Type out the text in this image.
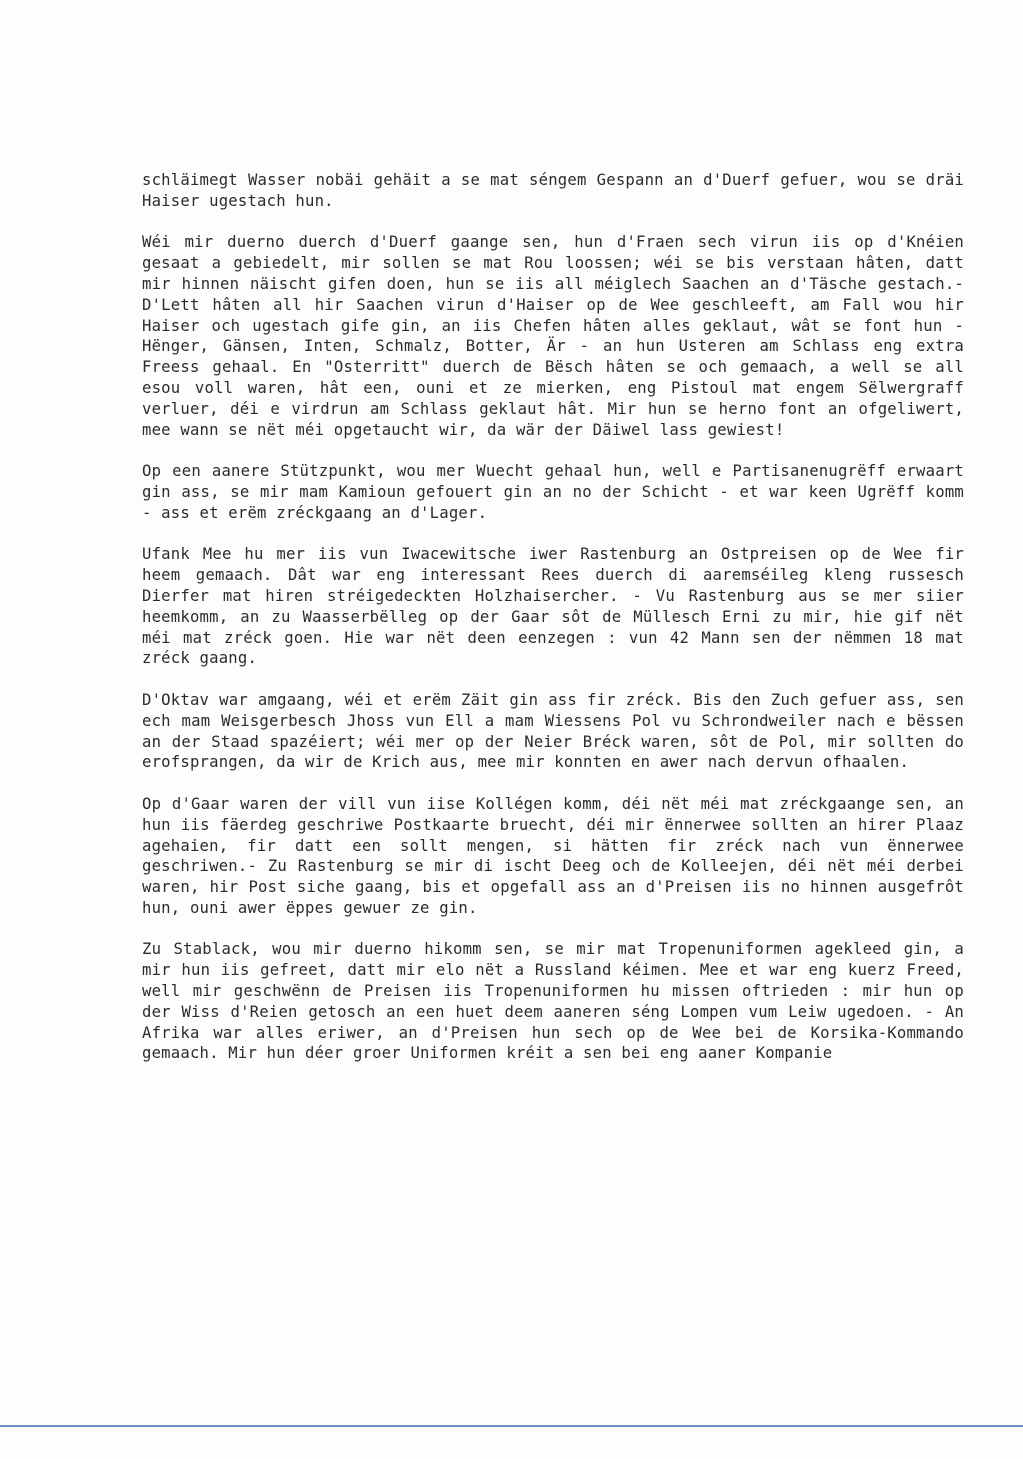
schläimegt Wasser nobäi gehäit a se mat séngem Gespann an d'Duerf gefuer, wou se dräi Haiser ugestach hun.

Wéi mir duerno duerch d'Duerf gaange sen, hun d'Fraen sech virun iis op d'Knéien gesaat a gebiedelt, mir sollen se mat Rou loossen; wéi se bis verstaan hâten, datt mir hinnen näischt gifen doen, hun se iis all méiglech Saachen an d'Täsche gestach.- D'Lett hâten all hir Saachen virun d'Haiser op de Wee geschleeft, am Fall wou hir Haiser och ugestach gife gin, an iis Chefen hâten alles geklaut, wât se font hun - Hënger, Gänsen, Inten, Schmalz, Botter, Är - an hun Usteren am Schlass eng extra Freess gehaal. En "Osterritt" duerch de Bësch hâten se och gemaach, a well se all esou voll waren, hât een, ouni et ze mierken, eng Pistoul mat engem Sëlwergraff verluer, déi e virdrun am Schlass geklaut hât. Mir hun se herno font an ofgeliwert, mee wann se nët méi opgetaucht wir, da wär der Däiwel lass gewiest!

Op een aanere Stützpunkt, wou mer Wuecht gehaal hun, well e Partisanenugrëff erwaart gin ass, se mir mam Kamioun gefouert gin an no der Schicht - et war keen Ugrëff komm - ass et erëm zréckgaang an d'Lager.

Ufank Mee hu mer iis vun Iwacewitsche iwer Rastenburg an Ostpreisen op de Wee fir heem gemaach. Dât war eng interessant Rees duerch di aaremséileg kleng russesch Dierfer mat hiren stréigedeckten Holzhaisercher. - Vu Rastenburg aus se mer siier heemkomm, an zu Waasserbëlleg op der Gaar sôt de Müllesch Erni zu mir, hie gif nët méi mat zréck goen. Hie war nët deen eenzegen : vun 42 Mann sen der nëmmen 18 mat zréck gaang.

D'Oktav war amgaang, wéi et erëm Zäit gin ass fir zréck. Bis den Zuch gefuer ass, sen ech mam Weisgerbesch Jhoss vun Ell a mam Wiessens Pol vu Schrondweiler nach e bëssen an der Staad spazéiert; wéi mer op der Neier Bréck waren, sôt de Pol, mir sollten do erofsprangen, da wir de Krich aus, mee mir konnten en awer nach dervun ofhaalen.

Op d'Gaar waren der vill vun iise Kollégen komm, déi nët méi mat zréckgaange sen, an hun iis fäerdeg geschriwe Postkaarte bruecht, déi mir ënnerwee sollten an hirer Plaaz agehaien, fir datt een sollt mengen, si hätten fir zréck nach vun ënnerwee geschriwen.- Zu Rastenburg se mir di ischt Deeg och de Kolleejen, déi nët méi derbei waren, hir Post siche gaang, bis et opgefall ass an d'Preisen iis no hinnen ausgefrôt hun, ouni awer ëppes gewuer ze gin.

Zu Stablack, wou mir duerno hikomm sen, se mir mat Tropenuniformen agekleed gin, a mir hun iis gefreet, datt mir elo nët a Russland kéimen. Mee et war eng kuerz Freed, well mir geschwënn de Preisen iis Tropenuniformen hu missen oftrieden : mir hun op der Wiss d'Reien getosch an een huet deem aaneren séng Lompen vum Leiw ugedoen. - An Afrika war alles eriwer, an d'Preisen hun sech op de Wee bei de Korsika-Kommando gemaach. Mir hun déer groer Uniformen kréit a sen bei eng aaner Kompanie
